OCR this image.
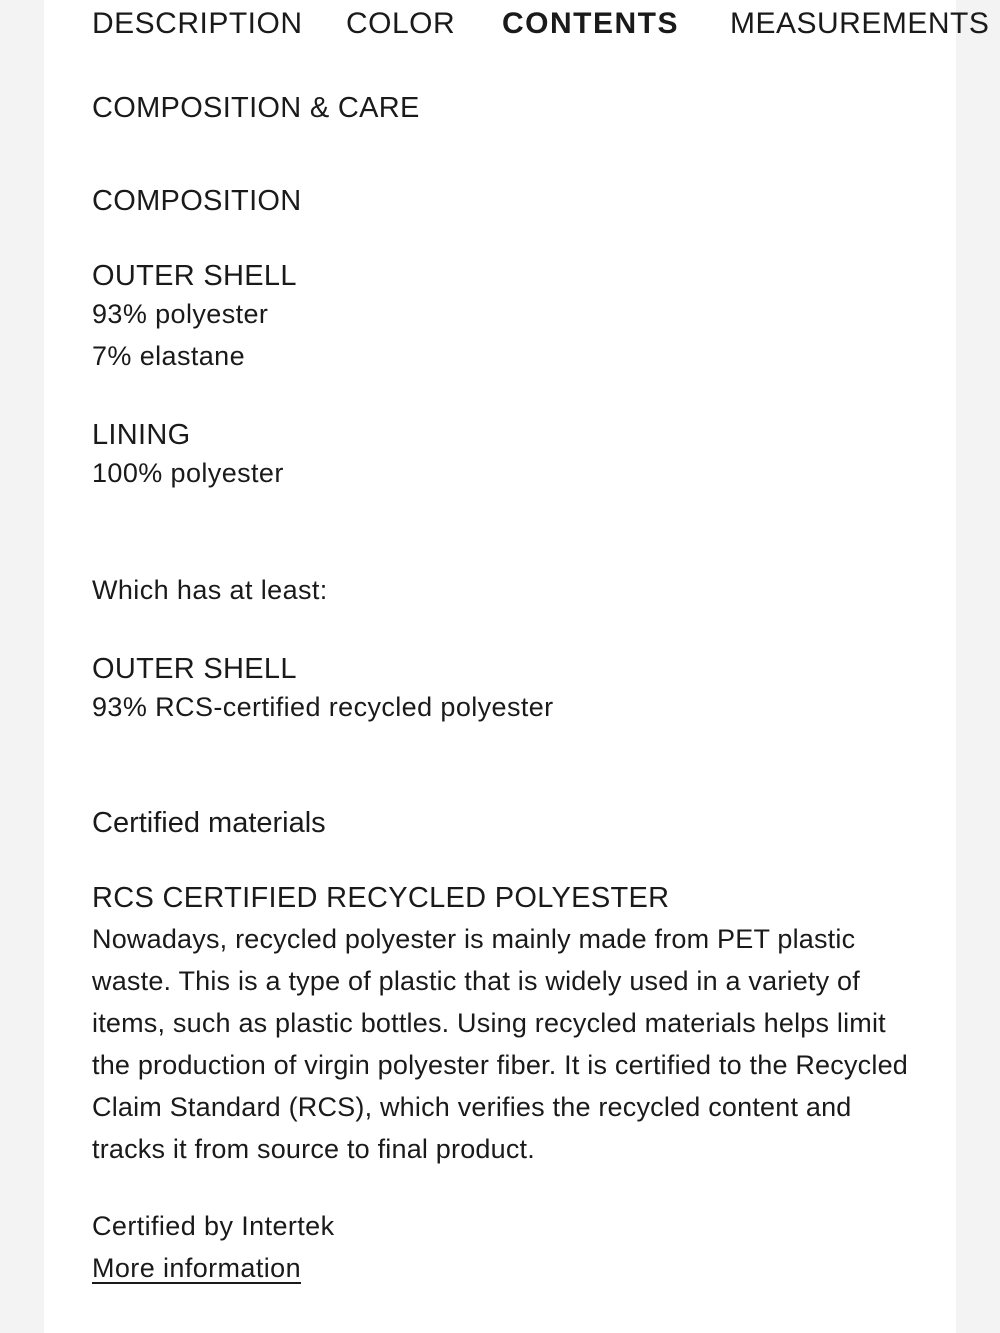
DESCRIPTION COLOR CONTENTS MEASUREMENTS
COMPOSITION & CARE
COMPOSITION
OUTER SHELL
93% polyester
7% elastane
LINING
100% polyester
Which has at least:
OUTER SHELL
93% RCS-certified recycled polyester
Certified materials
RCS CERTIFIED RECYCLED POLYESTER
Nowadays, recycled polyester is mainly made from PET plastic waste. This is a type of plastic that is widely used in a variety of items, such as plastic bottles. Using recycled materials helps limit the production of virgin polyester fiber. It is certified to the Recycled Claim Standard (RCS), which verifies the recycled content and tracks it from source to final product.
Certified by Intertek
More information
